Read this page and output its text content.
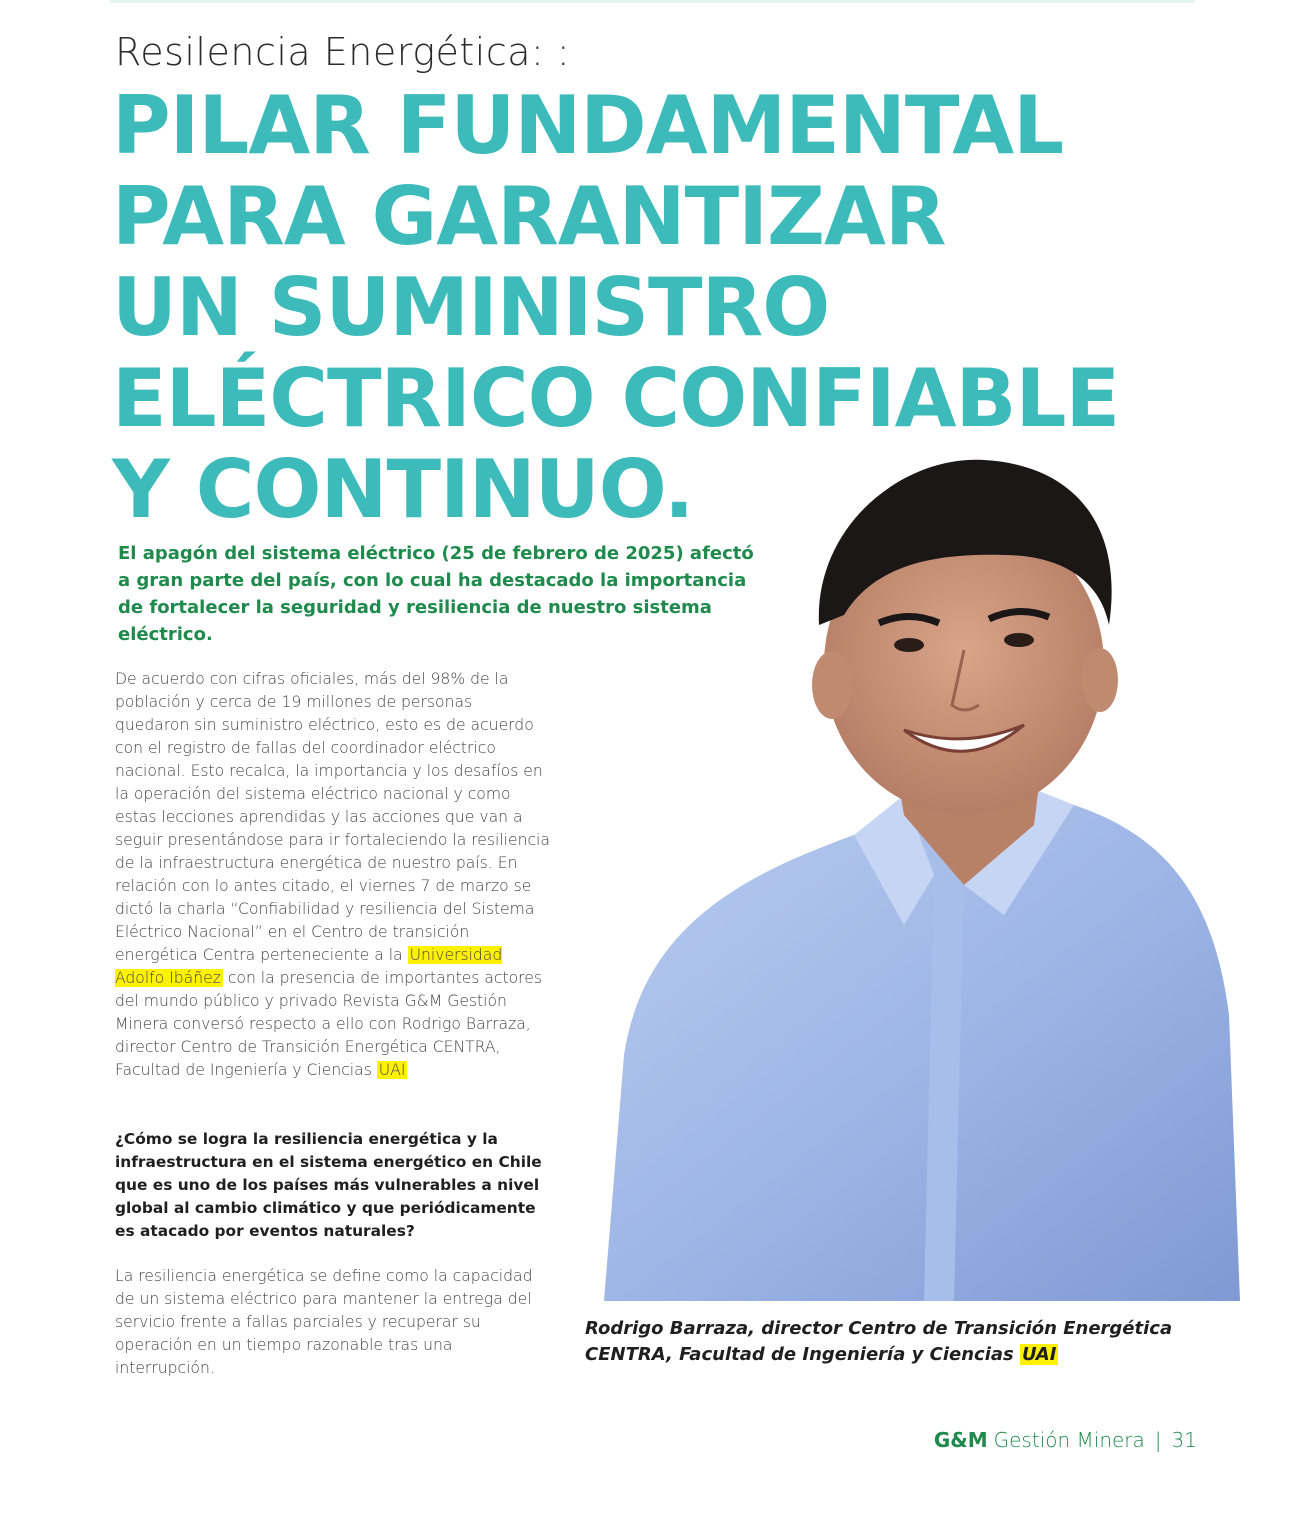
Resilencia Energética: :
PILAR FUNDAMENTAL
PARA GARANTIZAR
UN SUMINISTRO
ELÉCTRICO CONFIABLE
Y CONTINUO.
El apagón del sistema eléctrico (25 de febrero de 2025) afectó a gran parte del país, con lo cual ha destacado la importancia de fortalecer la seguridad y resiliencia de nuestro sistema eléctrico.
De acuerdo con cifras oficiales, más del 98% de la población y cerca de 19 millones de personas quedaron sin suministro eléctrico, esto es de acuerdo con el registro de fallas del coordinador eléctrico nacional. Esto recalca, la importancia y los desafíos en la operación del sistema eléctrico nacional y como estas lecciones aprendidas y las acciones que van a seguir presentándose para ir fortaleciendo la resiliencia de la infraestructura energética de nuestro país. En relación con lo antes citado, el viernes 7 de marzo se dictó la charla “Confiabilidad y resiliencia del Sistema Eléctrico Nacional” en el Centro de transición energética Centra perteneciente a la Universidad Adolfo Ibáñez con la presencia de importantes actores del mundo público y privado Revista G&M Gestión Minera conversó respecto a ello con Rodrigo Barraza, director Centro de Transición Energética CENTRA, Facultad de Ingeniería y Ciencias UAI
¿Cómo se logra la resiliencia energética y la infraestructura en el sistema energético en Chile que es uno de los países más vulnerables a nivel global al cambio climático y que periódicamente es atacado por eventos naturales?
La resiliencia energética se define como la capacidad de un sistema eléctrico para mantener la entrega del servicio frente a fallas parciales y recuperar su operación en un tiempo razonable tras una interrupción.
Rodrigo Barraza, director Centro de Transición Energética CENTRA, Facultad de Ingeniería y Ciencias UAI
G&M Gestión Minera | 31
